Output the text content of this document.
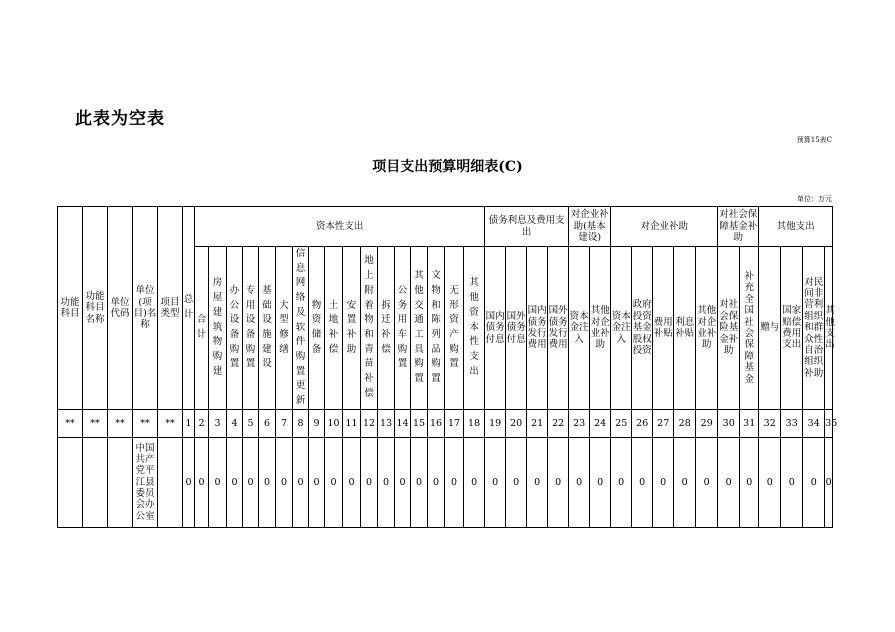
此表为空表
预算15表C
项目支出预算明细表(C)
单位：万元
功能科目	功能科目名称	单位代码	单位(项目)名称	项目类型	总计	资本性支出																	债务利息及费用支出				对企业补助(基本建设)		对企业补助					对社会保障基金补助		其他支出			
						合计	房屋建筑物购建	办公设备购置	专用设备购置	基础设施建设	大型修缮	信息网络及软件购置更新	物资储备	土地补偿	安置补助	地上附着物和青苗补偿	拆迁补偿	公务用车购置	其他交通工具购置	文物和陈列品购置	无形资产购置	其他资本性支出	国内债务付息	国外债务付息	国内债务发行费用	国外债务发行费用	资本金注入	其他对企业补助	资本金注入	政府投资基金股权投资	费用补贴	利息补贴	其他对企业补助	对社会保险基金补助	补充全国社会保障基金	赠与	国家赔偿费用支出	对民间非营利组织和群众性自治组织补助	其他支出
**	**	**	**	**	1	2	3	4	5	6	7	8	9	10	11	12	13	14	15	16	17	18	19	20	21	22	23	24	25	26	27	28	29	30	31	32	33	34	35
			中国共产党平江县委员会办公室		0	0	0	0	0	0	0	0	0	0	0	0	0	0	0	0	0	0	0	0	0	0	0	0	0	0	0	0	0	0	0	0	0	0	0
